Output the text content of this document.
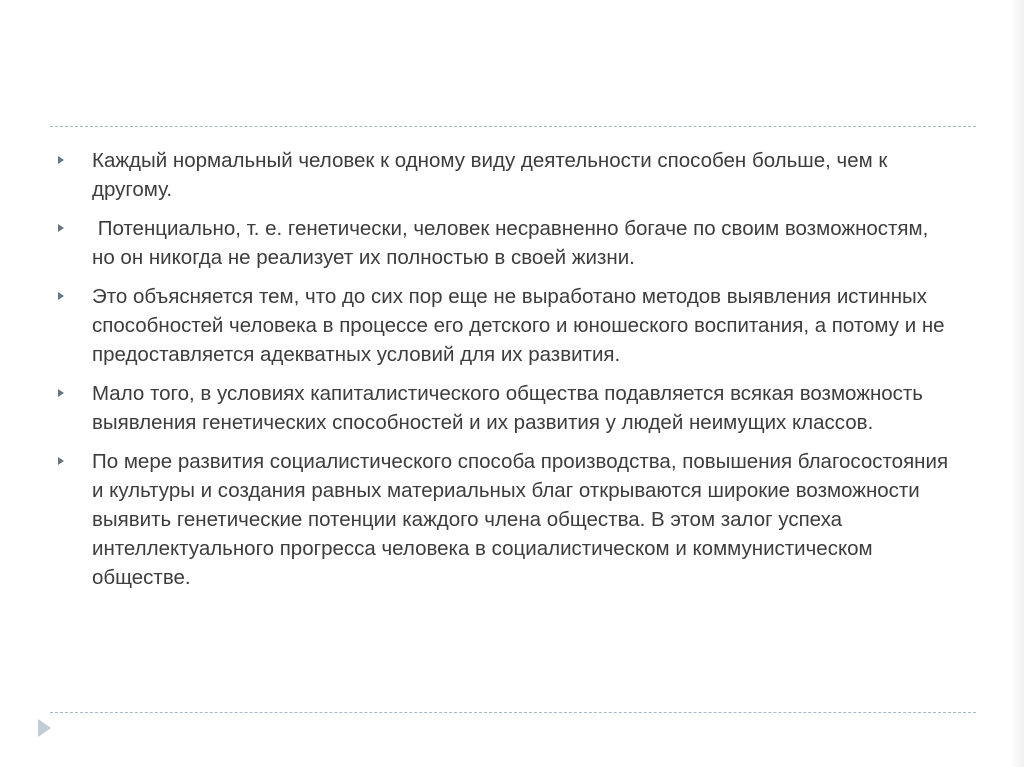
Каждый нормальный человек к одному виду деятельности способен больше, чем к другому.
Потенциально, т. е. генетически, человек несравненно богаче по своим возможностям, но он никогда не реализует их полностью в своей жизни.
Это объясняется тем, что до сих пор еще не выработано методов выявления истинных способностей человека в процессе его детского и юношеского воспитания, а потому и не предоставляется адекватных условий для их развития.
Мало того, в условиях капиталистического общества подавляется всякая возможность выявления генетических способностей и их развития у людей неимущих классов.
По мере развития социалистического способа производства, повышения благосостояния и культуры и создания равных материальных благ открываются широкие возможности выявить генетические потенции каждого члена общества. В этом залог успеха интеллектуального прогресса человека в социалистическом и коммунистическом обществе.
